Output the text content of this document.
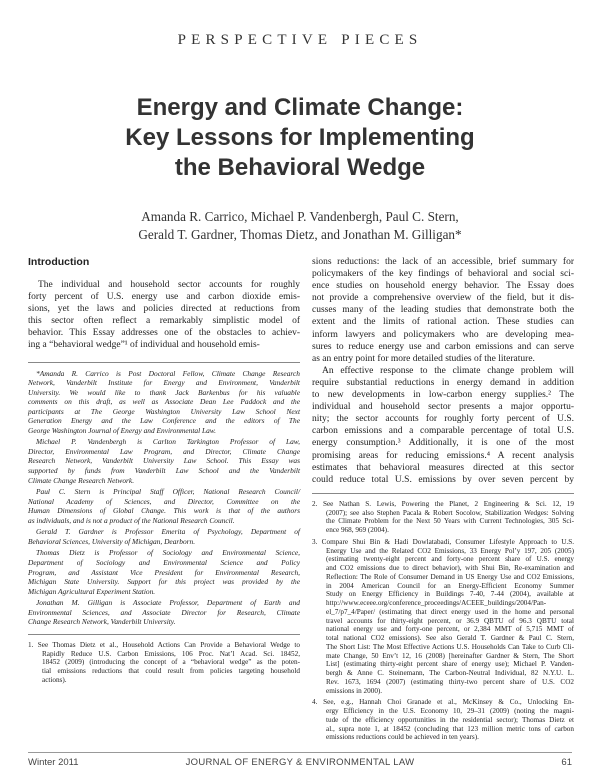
PERSPECTIVE PIECES
Energy and Climate Change:
Key Lessons for Implementing
the Behavioral Wedge
Amanda R. Carrico, Michael P. Vandenbergh, Paul C. Stern,
Gerald T. Gardner, Thomas Dietz, and Jonathan M. Gilligan*
Introduction
The individual and household sector accounts for roughly
forty percent of U.S. energy use and carbon dioxide emis-
sions, yet the laws and policies directed at reductions from
this sector often reflect a remarkably simplistic model of
behavior. This Essay addresses one of the obstacles to achiev-
ing a “behavioral wedge”¹ of individual and household emis-
*Amanda R. Carrico is Post Doctoral Fellow, Climate Change Research
Network, Vanderbilt Institute for Energy and Environment, Vanderbilt
University. We would like to thank Jack Barkenbus for his valuable
comments on this draft, as well as Associate Dean Lee Paddock and the
participants at The George Washington University Law School Next
Generation Energy and the Law Conference and the editors of The
George Washington Journal of Energy and Environmental Law.
Michael P. Vandenbergh is Carlton Tarkington Professor of Law,
Director, Environmental Law Program, and Director, Climate Change
Research Network, Vanderbilt University Law School. This Essay was
supported by funds from Vanderbilt Law School and the Vanderbilt
Climate Change Research Network.
Paul C. Stern is Principal Staff Officer, National Research Council/
National Academy of Sciences, and Director, Committee on the
Human Dimensions of Global Change. This work is that of the authors
as individuals, and is not a product of the National Research Council.
Gerald T. Gardner is Professor Emerita of Psychology, Department of
Behavioral Sciences, University of Michigan, Dearborn.
Thomas Dietz is Professor of Sociology and Environmental Science,
Department of Sociology and Environmental Science and Policy
Program, and Assistant Vice President for Environmental Research,
Michigan State University. Support for this project was provided by the
Michigan Agricultural Experiment Station.
Jonathan M. Gilligan is Associate Professor, Department of Earth and
Environmental Sciences, and Associate Director for Research, Climate
Change Research Network, Vanderbilt University.
1. See Thomas Dietz et al., Household Actions Can Provide a Behavioral Wedge to
Rapidly Reduce U.S. Carbon Emissions, 106 Proc. Nat’l Acad. Sci. 18452,
18452 (2009) (introducing the concept of a “behavioral wedge” as the poten-
tial emissions reductions that could result from policies targeting household
actions).
sions reductions: the lack of an accessible, brief summary for
policymakers of the key findings of behavioral and social sci-
ence studies on household energy behavior. The Essay does
not provide a comprehensive overview of the field, but it dis-
cusses many of the leading studies that demonstrate both the
extent and the limits of rational action. These studies can
inform lawyers and policymakers who are developing mea-
sures to reduce energy use and carbon emissions and can serve
as an entry point for more detailed studies of the literature.
An effective response to the climate change problem will
require substantial reductions in energy demand in addition
to new developments in low-carbon energy supplies.² The
individual and household sector presents a major opportu-
nity; the sector accounts for roughly forty percent of U.S.
carbon emissions and a comparable percentage of total U.S.
energy consumption.³ Additionally, it is one of the most
promising areas for reducing emissions.⁴ A recent analysis
estimates that behavioral measures directed at this sector
could reduce total U.S. emissions by over seven percent by
2. See Nathan S. Lewis, Powering the Planet, 2 Engineering & Sci. 12, 19
(2007); see also Stephen Pacala & Robert Socolow, Stabilization Wedges: Solving
the Climate Problem for the Next 50 Years with Current Technologies, 305 Sci-
ence 968, 969 (2004).
3. Compare Shui Bin & Hadi Dowlatabadi, Consumer Lifestyle Approach to U.S.
Energy Use and the Related CO2 Emissions, 33 Energy Pol’y 197, 205 (2005)
(estimating twenty-eight percent and forty-one percent share of U.S. energy
and CO2 emissions due to direct behavior), with Shui Bin, Re-examination and
Reflection: The Role of Consumer Demand in US Energy Use and CO2 Emissions,
in 2004 American Council for an Energy-Efficient Economy Summer
Study on Energy Efficiency in Buildings 7-40, 7-44 (2004), available at
http://www.eceee.org/conference_proceedings/ACEEE_buildings/2004/Pan-
el_7/p7_4/Paper/ (estimating that direct energy used in the home and personal
travel accounts for thirty-eight percent, or 36.9 QBTU of 96.3 QBTU total
national energy use and forty-one percent, or 2,384 MMT of 5,715 MMT of
total national CO2 emissions). See also Gerald T. Gardner & Paul C. Stern,
The Short List: The Most Effective Actions U.S. Households Can Take to Curb Cli-
mate Change, 50 Env’t 12, 16 (2008) [hereinafter Gardner & Stern, The Short
List] (estimating thirty-eight percent share of energy use); Michael P. Vanden-
bergh & Anne C. Steinemann, The Carbon-Neutral Individual, 82 N.Y.U. L.
Rev. 1673, 1694 (2007) (estimating thirty-two percent share of U.S. CO2
emissions in 2000).
4. See, e.g., Hannah Choi Granade et al., McKinsey & Co., Unlocking En-
ergy Efficiency in the U.S. Economy 10, 29–31 (2009) (noting the magni-
tude of the efficiency opportunities in the residential sector); Thomas Dietz et
al., supra note 1, at 18452 (concluding that 123 million metric tons of carbon
emissions reductions could be achieved in ten years).
Winter 2011	JOURNAL OF ENERGY & ENVIRONMENTAL LAW	61
